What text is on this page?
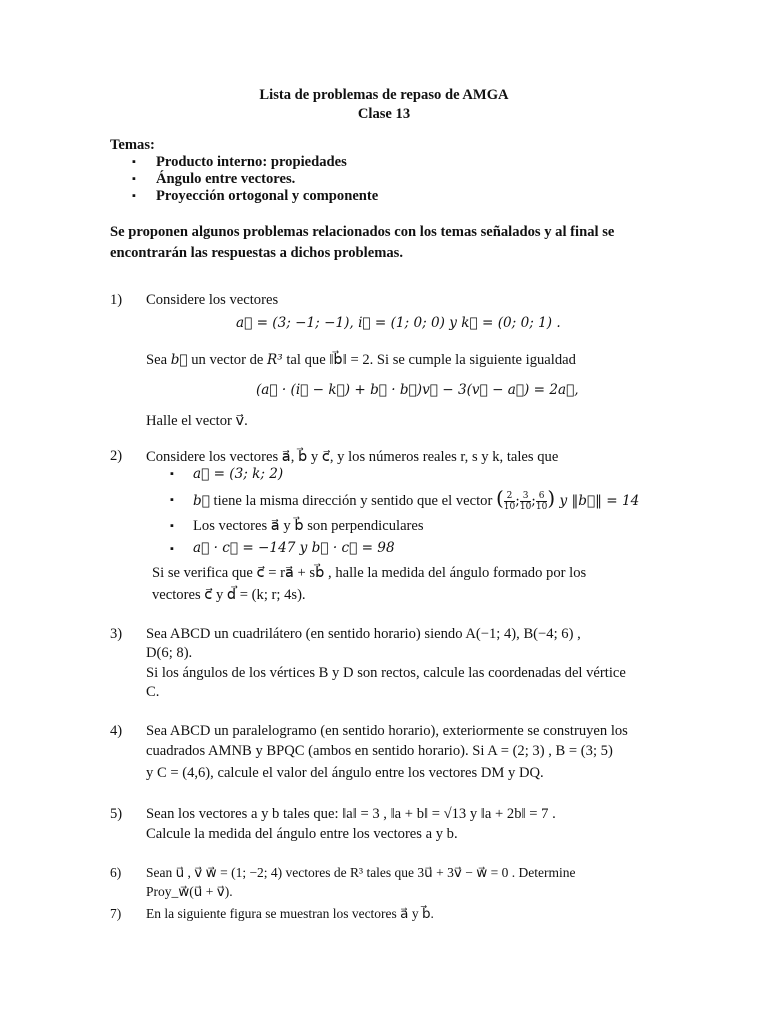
Lista de problemas de repaso de AMGA
Clase 13
Temas:
▪ Producto interno: propiedades
▪ Ángulo entre vectores.
▪ Proyección ortogonal y componente
Se proponen algunos problemas relacionados con los temas señalados y al final se
encontrarán las respuestas a dichos problemas.
1) Considere los vectores
a⃗ = (3; −1; −1), i⃗ = (1; 0; 0) y k⃗ = (0; 0; 1) .
Sea b⃗ un vector de R³ tal que ‖b⃗‖ = 2. Si se cumple la siguiente igualdad
(a⃗ · (i⃗ − k⃗) + b⃗ · b⃗)v⃗ − 3(v⃗ − a⃗) = 2a⃗,
Halle el vector v⃗.
2) Considere los vectores a⃗, b⃗ y c⃗, y los números reales r, s y k, tales que
▪ a⃗ = (3; k; 2)
▪ b⃗ tiene la misma dirección y sentido que el vector ( $\frac{2}{10}$ ; $\frac{3}{10}$ ; $\frac{6}{10}$ ) y ‖b⃗‖ = 14
▪ Los vectores a⃗ y b⃗ son perpendiculares
▪ a⃗ · c⃗ = −147 y b⃗ · c⃗ = 98
Si se verifica que c⃗ = ra⃗ + sb⃗ , halle la medida del ángulo formado por los
vectores c⃗ y d⃗ = (k; r; 4s).
3) Sea ABCD un cuadrilátero (en sentido horario) siendo A(−1; 4), B(−4; 6) ,
D(6; 8).
Si los ángulos de los vértices B y D son rectos, calcule las coordenadas del vértice
C.
4) Sea ABCD un paralelogramo (en sentido horario), exteriormente se construyen los
cuadrados AMNB y BPQC (ambos en sentido horario). Si A = (2; 3) , B = (3; 5)
y C = (4,6), calcule el valor del ángulo entre los vectores DM y DQ.
5) Sean los vectores a y b tales que: ‖a‖ = 3 , ‖a + b‖ = √13 y ‖a + 2b‖ = 7 .
Calcule la medida del ángulo entre los vectores a y b.
6) Sean u⃗ , v⃗ w⃗ = (1; −2; 4) vectores de R³ tales que 3u⃗ + 3v⃗ − w⃗ = 0 . Determine
Proy_w⃗(u⃗ + v⃗).
7) En la siguiente figura se muestran los vectores a⃗ y b⃗.
